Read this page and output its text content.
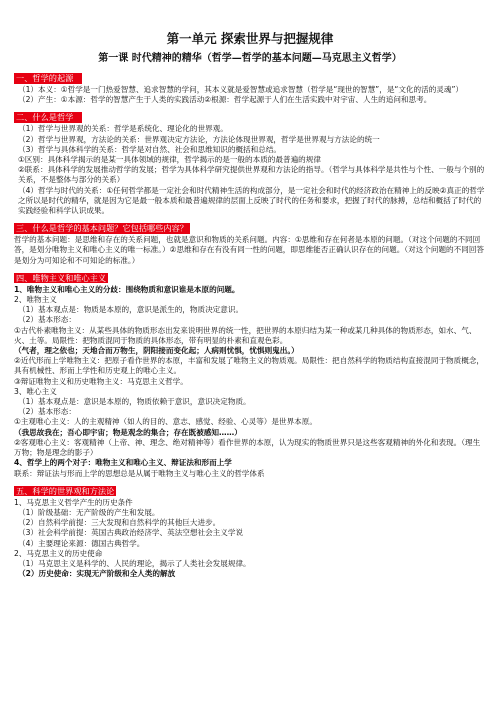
第一单元 探索世界与把握规律
第一课 时代精神的精华（哲学—哲学的基本问题—马克思主义哲学）
一、哲学的起源

（1）本义：①哲学是一门热爱智慧、追求智慧的学问，其本义就是爱智慧或追求智慧（哲学是“现世的智慧”，是“文化的活的灵魂”）

（2）产生：①本源：哲学的智慧产生于人类的实践活动②根源：哲学起源于人们在生活实践中对宇宙、人生的追问和思考。

二、什么是哲学

（1）哲学与世界观的关系：哲学是系统化、理论化的世界观。

（2）哲学与世界观，方法论的关系：世界观决定方法论，方法论体现世界观，哲学是世界观与方法论的统一

（3）哲学与具体科学的关系：哲学是对自然、社会和思维知识的概括和总结。

①区别：具体科学揭示的是某一具体领域的规律，哲学揭示的是一般的本质的最普遍的规律

②联系：具体科学的发展推动哲学的发展；哲学为具体科学研究提供世界观和方法论的指导。（哲学与具体科学是共性与个性、一般与个别的关系，不是整体与部分的关系）

（4）哲学与时代的关系：①任何哲学都是一定社会和时代精神生活的构成部分，是一定社会和时代的经济政治在精神上的反映②真正的哲学之所以是时代的精华，就是因为它是最一般本质和最普遍规律的层面上反映了时代的任务和要求，把握了时代的脉搏，总结和概括了时代的实践经验和科学认识成果。

三、什么是哲学的基本问题？它包括哪些内容？

哲学的基本问题：是思维和存在的关系问题，也就是意识和物质的关系问题。内容：①思维和存在何者是本原的问题。（对这个问题的不同回答，是划分唯物主义和唯心主义的唯一标准。）②思维和存在有没有同一性的问题，即思维能否正确认识存在的问题。（对这个问题的不同回答是划分为可知论和不可知论的标准。）

四、唯物主义和唯心主义

1、唯物主义和唯心主义的分歧：围绕物质和意识谁是本原的问题。

2、唯物主义

（1）基本观点是：物质是本原的，意识是派生的，物质决定意识。

（2）基本形态：

①古代朴素唯物主义：从某些具体的物质形态出发来说明世界的统一性，把世界的本原归结为某一种或某几种具体的物质形态，如水、气、火、土等。局限性：把物质混同于物质的具体形态，带有明显的朴素和直观色彩。

（气者，理之依也；天地合而万物生，阴阳接而变化起；人病则忧惧，忧惧则鬼出。）

②近代形而上学唯物主义：把原子看作世界的本原，丰富和发展了唯物主义的物质观。局限性：把自然科学的物质结构直接混同于物质概念，具有机械性、形而上学性和历史观上的唯心主义。

③辩证唯物主义和历史唯物主义：马克思主义哲学。

3、唯心主义

（1）基本观点是：意识是本原的，物质依赖于意识，意识决定物质。

（2）基本形态：

①主观唯心主义：人的主观精神（如人的目的、意志、感觉、经验、心灵等）是世界本原。

（我思故我在；吾心即宇宙；物是观念的集合；存在既被感知……）

②客观唯心主义：客观精神（上帝、神、理念、绝对精神等）看作世界的本原，认为现实的物质世界只是这些客观精神的外化和表现。（理生万物；物是理念的影子）

4、哲学上的两个对子：唯物主义和唯心主义、辩证法和形而上学

联系：辩证法与形而上学的思想总是从属于唯物主义与唯心主义的哲学体系

五、科学的世界观和方法论

1、马克思主义哲学产生的历史条件

（1）阶级基础：无产阶级的产生和发展。

（2）自然科学前提：三大发现和自然科学的其他巨大进步。

（3）社会科学前提：英国古典政治经济学、英法空想社会主义学说

（4）主要理论来源：德国古典哲学。

2、马克思主义的历史使命

（1）马克思主义是科学的、人民的理论，揭示了人类社会发展规律。

（2）历史使命：实现无产阶级和全人类的解放
